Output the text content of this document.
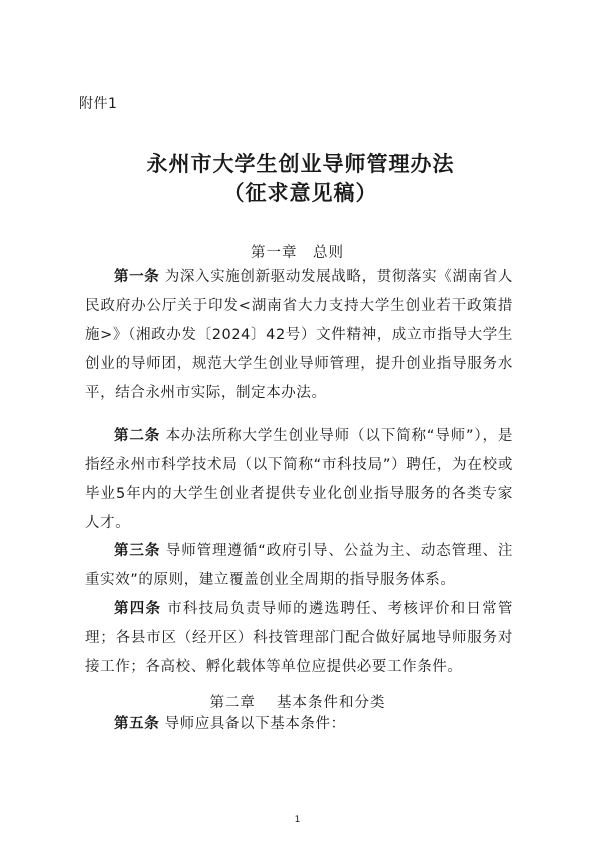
附件1
永州市大学生创业导师管理办法
（征求意见稿）
第一章　总则
第一条 为深入实施创新驱动发展战略，贯彻落实《湖南省人民政府办公厅关于印发<湖南省大力支持大学生创业若干政策措施>》（湘政办发〔2024〕42号）文件精神，成立市指导大学生创业的导师团，规范大学生创业导师管理，提升创业指导服务水平，结合永州市实际，制定本办法。
第二条 本办法所称大学生创业导师（以下简称“导师”），是指经永州市科学技术局（以下简称“市科技局”）聘任，为在校或毕业5年内的大学生创业者提供专业化创业指导服务的各类专家人才。
第三条 导师管理遵循“政府引导、公益为主、动态管理、注重实效”的原则，建立覆盖创业全周期的指导服务体系。
第四条 市科技局负责导师的遴选聘任、考核评价和日常管理；各县市区（经开区）科技管理部门配合做好属地导师服务对接工作；各高校、孵化载体等单位应提供必要工作条件。
第二章　 基本条件和分类
第五条 导师应具备以下基本条件：
1
